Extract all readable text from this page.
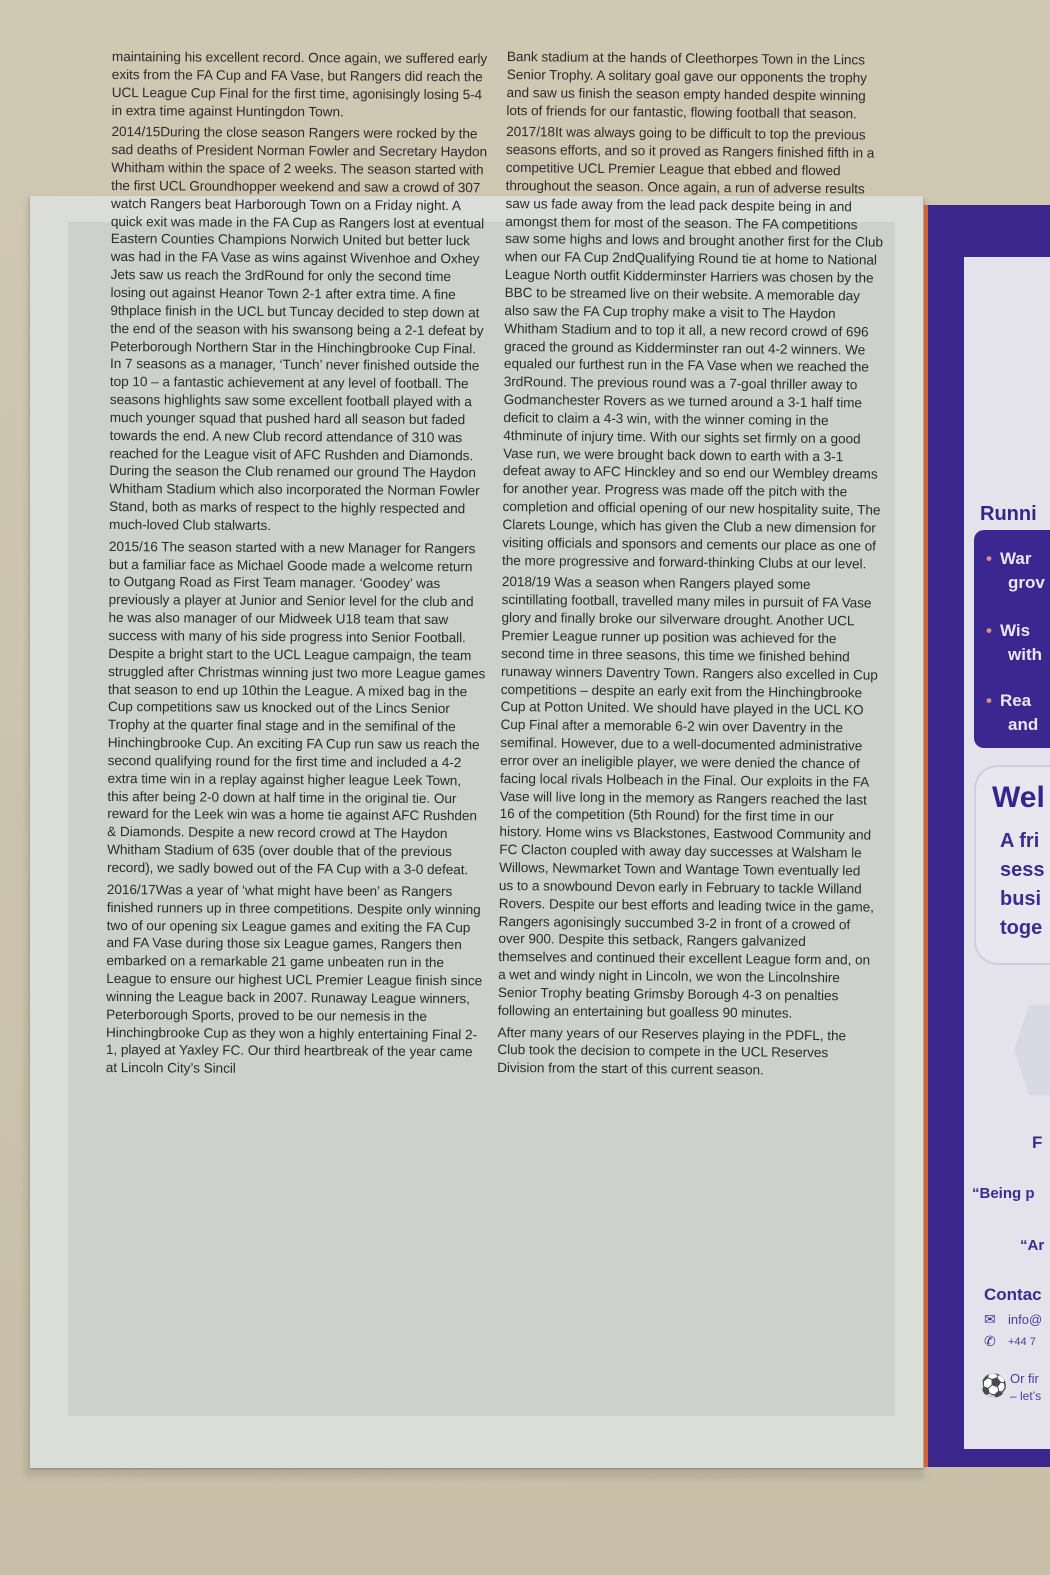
maintaining his excellent record. Once again, we suffered early exits from the FA Cup and FA Vase, but Rangers did reach the UCL League Cup Final for the first time, agonisingly losing 5-4 in extra time against Huntingdon Town.

2014/15During the close season Rangers were rocked by the sad deaths of President Norman Fowler and Secretary Haydon Whitham within the space of 2 weeks. The season started with the first UCL Groundhopper weekend and saw a crowd of 307 watch Rangers beat Harborough Town on a Friday night. A quick exit was made in the FA Cup as Rangers lost at eventual Eastern Counties Champions Norwich United but better luck was had in the FA Vase as wins against Wivenhoe and Oxhey Jets saw us reach the 3rdRound for only the second time losing out against Heanor Town 2-1 after extra time. A fine 9thplace finish in the UCL but Tuncay decided to step down at the end of the season with his swansong being a 2-1 defeat by Peterborough Northern Star in the Hinchingbrooke Cup Final. In 7 seasons as a manager, ‘Tunch’ never finished outside the top 10 – a fantastic achievement at any level of football. The seasons highlights saw some excellent football played with a much younger squad that pushed hard all season but faded towards the end. A new Club record attendance of 310 was reached for the League visit of AFC Rushden and Diamonds. During the season the Club renamed our ground The Haydon Whitham Stadium which also incorporated the Norman Fowler Stand, both as marks of respect to the highly respected and much-loved Club stalwarts.

2015/16 The season started with a new Manager for Rangers but a familiar face as Michael Goode made a welcome return to Outgang Road as First Team manager. ‘Goodey’ was previously a player at Junior and Senior level for the club and he was also manager of our Midweek U18 team that saw success with many of his side progress into Senior Football. Despite a bright start to the UCL League campaign, the team struggled after Christmas winning just two more League games that season to end up 10thin the League. A mixed bag in the Cup competitions saw us knocked out of the Lincs Senior Trophy at the quarter final stage and in the semifinal of the Hinchingbrooke Cup. An exciting FA Cup run saw us reach the second qualifying round for the first time and included a 4-2 extra time win in a replay against higher league Leek Town, this after being 2-0 down at half time in the original tie. Our reward for the Leek win was a home tie against AFC Rushden & Diamonds. Despite a new record crowd at The Haydon Whitham Stadium of 635 (over double that of the previous record), we sadly bowed out of the FA Cup with a 3-0 defeat.

2016/17Was a year of ‘what might have been’ as Rangers finished runners up in three competitions. Despite only winning two of our opening six League games and exiting the FA Cup and FA Vase during those six League games, Rangers then embarked on a remarkable 21 game unbeaten run in the League to ensure our highest UCL Premier League finish since winning the League back in 2007. Runaway League winners, Peterborough Sports, proved to be our nemesis in the Hinchingbrooke Cup as they won a highly entertaining Final 2-1, played at Yaxley FC. Our third heartbreak of the year came at Lincoln City’s Sincil

Bank stadium at the hands of Cleethorpes Town in the Lincs Senior Trophy. A solitary goal gave our opponents the trophy and saw us finish the season empty handed despite winning lots of friends for our fantastic, flowing football that season.

2017/18It was always going to be difficult to top the previous seasons efforts, and so it proved as Rangers finished fifth in a competitive UCL Premier League that ebbed and flowed throughout the season. Once again, a run of adverse results saw us fade away from the lead pack despite being in and amongst them for most of the season. The FA competitions saw some highs and lows and brought another first for the Club when our FA Cup 2ndQualifying Round tie at home to National League North outfit Kidderminster Harriers was chosen by the BBC to be streamed live on their website. A memorable day also saw the FA Cup trophy make a visit to The Haydon Whitham Stadium and to top it all, a new record crowd of 696 graced the ground as Kidderminster ran out 4-2 winners. We equaled our furthest run in the FA Vase when we reached the 3rdRound. The previous round was a 7-goal thriller away to Godmanchester Rovers as we turned around a 3-1 half time deficit to claim a 4-3 win, with the winner coming in the 4thminute of injury time. With our sights set firmly on a good Vase run, we were brought back down to earth with a 3-1 defeat away to AFC Hinckley and so end our Wembley dreams for another year. Progress was made off the pitch with the completion and official opening of our new hospitality suite, The Clarets Lounge, which has given the Club a new dimension for visiting officials and sponsors and cements our place as one of the more progressive and forward-thinking Clubs at our level.

2018/19 Was a season when Rangers played some scintillating football, travelled many miles in pursuit of FA Vase glory and finally broke our silverware drought. Another UCL Premier League runner up position was achieved for the second time in three seasons, this time we finished behind runaway winners Daventry Town. Rangers also excelled in Cup competitions – despite an early exit from the Hinchingbrooke Cup at Potton United. We should have played in the UCL KO Cup Final after a memorable 6-2 win over Daventry in the semifinal. However, due to a well-documented administrative error over an ineligible player, we were denied the chance of facing local rivals Holbeach in the Final. Our exploits in the FA Vase will live long in the memory as Rangers reached the last 16 of the competition (5th Round) for the first time in our history. Home wins vs Blackstones, Eastwood Community and FC Clacton coupled with away day successes at Walsham le Willows, Newmarket Town and Wantage Town eventually led us to a snowbound Devon early in February to tackle Willand Rovers. Despite our best efforts and leading twice in the game, Rangers agonisingly succumbed 3-2 in front of a crowed of over 900. Despite this setback, Rangers galvanized themselves and continued their excellent League form and, on a wet and windy night in Lincoln, we won the Lincolnshire Senior Trophy beating Grimsby Borough 4-3 on penalties following an entertaining but goalless 90 minutes.

After many years of our Reserves playing in the PDFL, the Club took the decision to compete in the UCL Reserves Division from the start of this current season.

Runni
• War
grov
• Wis
with
• Rea
and
Wel
A fri
sess
busi
toge
F
“Being p
“Ar
Contac
✉ info@
✆ +44 7
⚽ Or fir
– let’s
